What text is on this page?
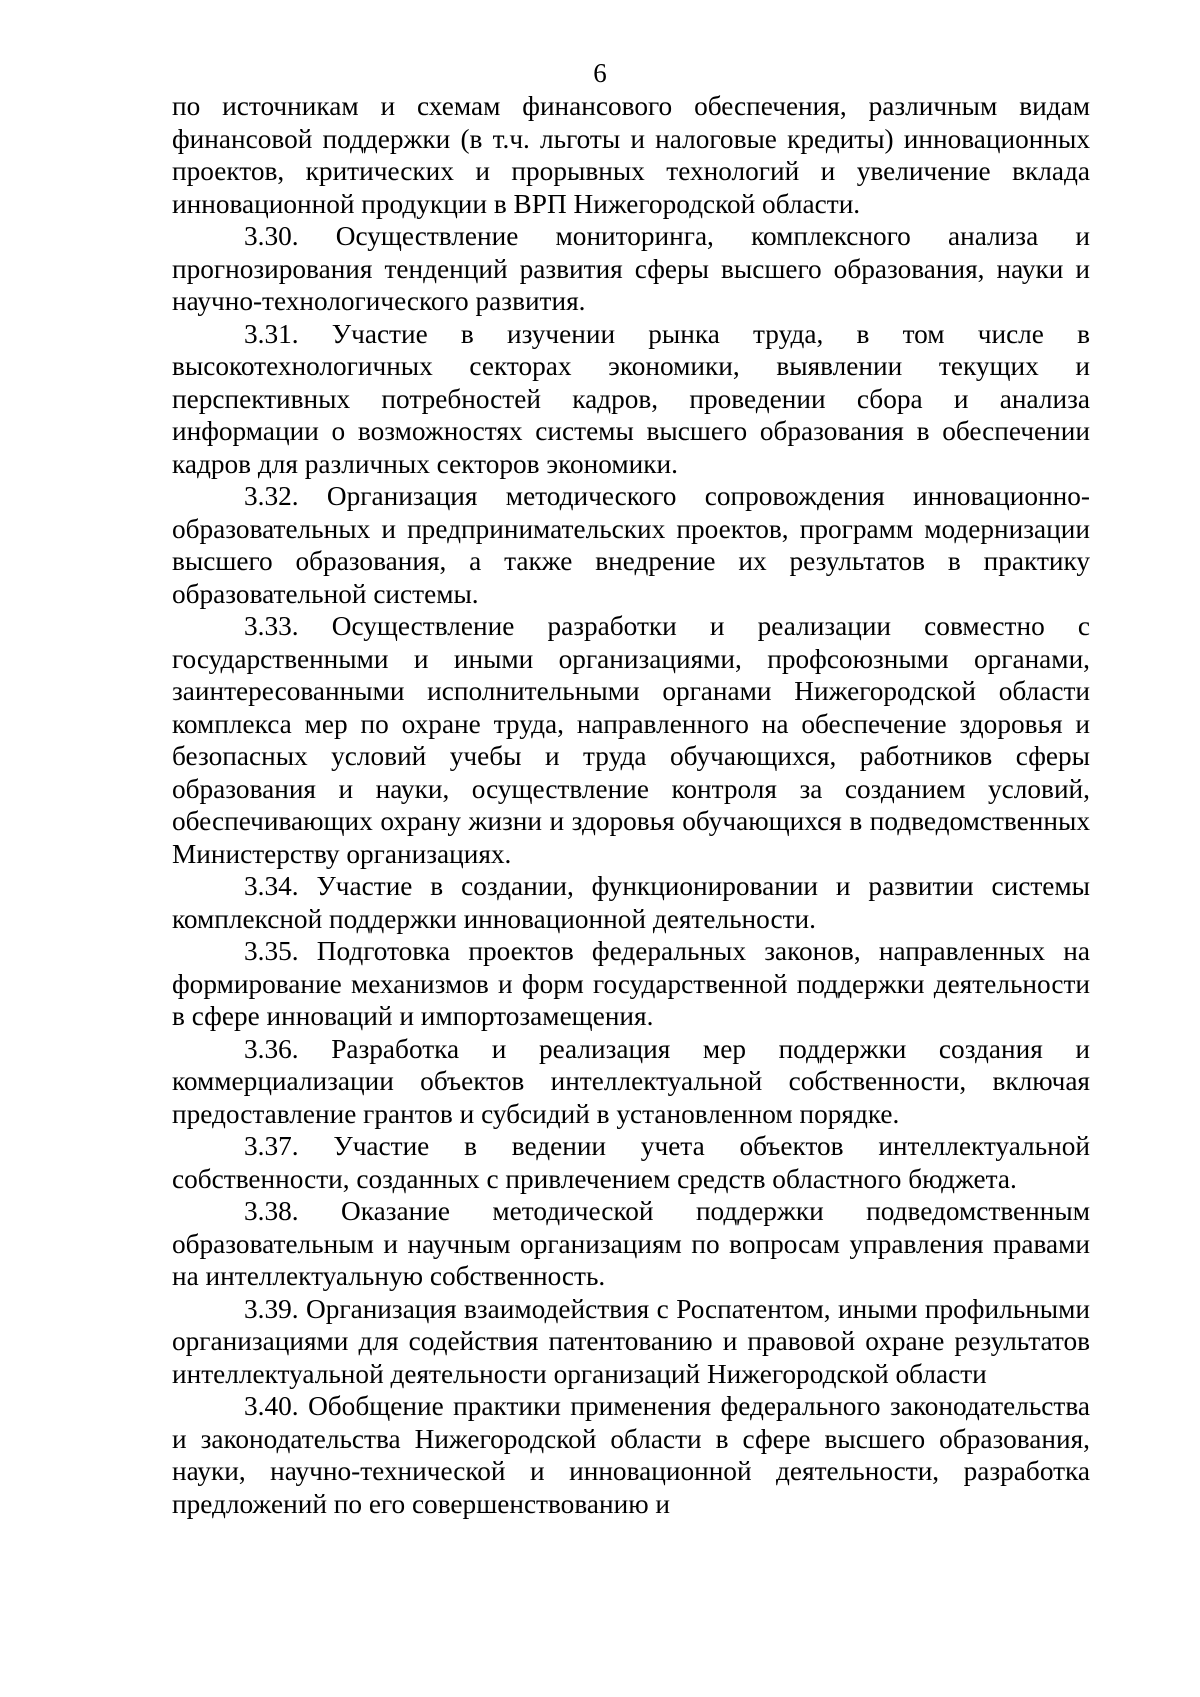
6

по источникам и схемам финансового обеспечения, различным видам финансовой поддержки (в т.ч. льготы и налоговые кредиты) инновационных проектов, критических и прорывных технологий и увеличение вклада инновационной продукции в ВРП Нижегородской области.

3.30. Осуществление мониторинга, комплексного анализа и прогнозирования тенденций развития сферы высшего образования, науки и научно-технологического развития.

3.31. Участие в изучении рынка труда, в том числе в высокотехнологичных секторах экономики, выявлении текущих и перспективных потребностей кадров, проведении сбора и анализа информации о возможностях системы высшего образования в обеспечении кадров для различных секторов экономики.

3.32. Организация методического сопровождения инновационно-образовательных и предпринимательских проектов, программ модернизации высшего образования, а также внедрение их результатов в практику образовательной системы.

3.33. Осуществление разработки и реализации совместно с государственными и иными организациями, профсоюзными органами, заинтересованными исполнительными органами Нижегородской области комплекса мер по охране труда, направленного на обеспечение здоровья и безопасных условий учебы и труда обучающихся, работников сферы образования и науки, осуществление контроля за созданием условий, обеспечивающих охрану жизни и здоровья обучающихся в подведомственных Министерству организациях.

3.34. Участие в создании, функционировании и развитии системы комплексной поддержки инновационной деятельности.

3.35. Подготовка проектов федеральных законов, направленных на формирование механизмов и форм государственной поддержки деятельности в сфере инноваций и импортозамещения.

3.36. Разработка и реализация мер поддержки создания и коммерциализации объектов интеллектуальной собственности, включая предоставление грантов и субсидий в установленном порядке.

3.37. Участие в ведении учета объектов интеллектуальной собственности, созданных с привлечением средств областного бюджета.

3.38. Оказание методической поддержки подведомственным образовательным и научным организациям по вопросам управления правами на интеллектуальную собственность.

3.39. Организация взаимодействия с Роспатентом, иными профильными организациями для содействия патентованию и правовой охране результатов интеллектуальной деятельности организаций Нижегородской области

3.40. Обобщение практики применения федерального законодательства и законодательства Нижегородской области в сфере высшего образования, науки, научно-технической и инновационной деятельности, разработка предложений по его совершенствованию и
